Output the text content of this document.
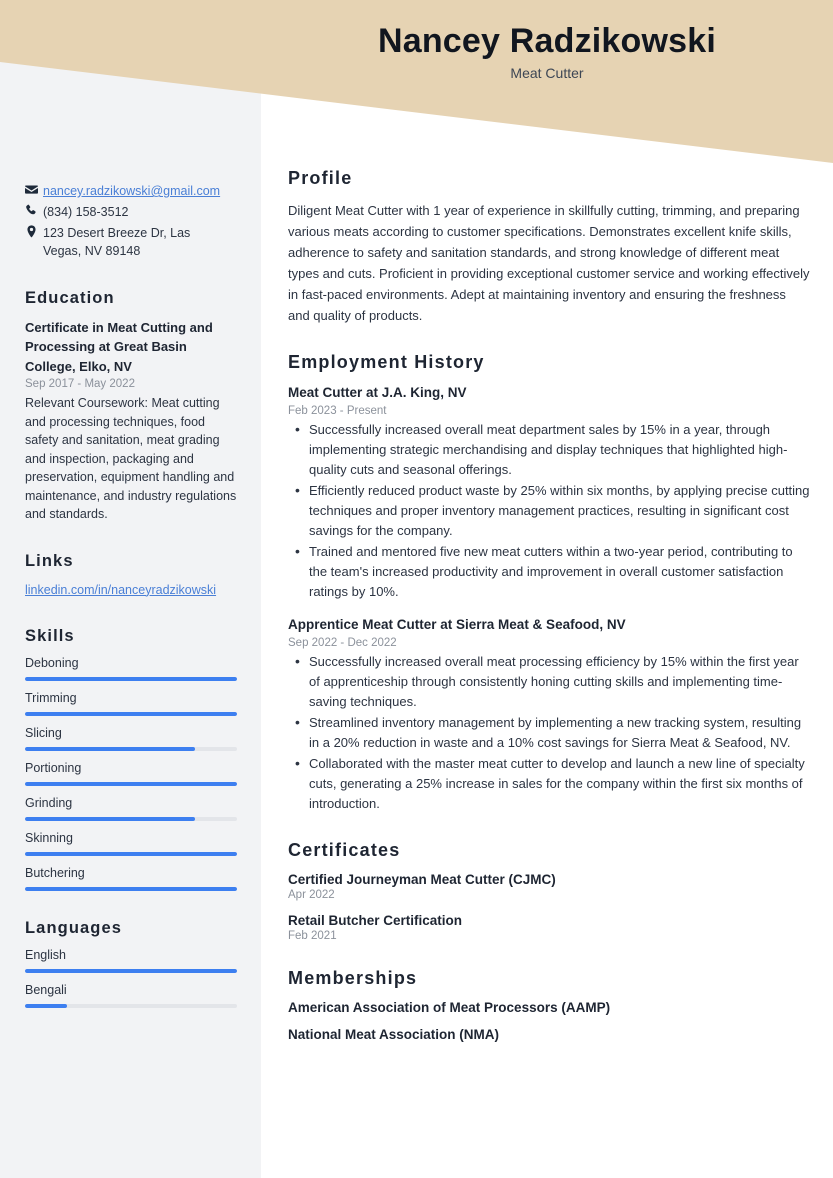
Nancey Radzikowski
Meat Cutter
nancey.radzikowski@gmail.com
(834) 158-3512
123 Desert Breeze Dr, Las
Vegas, NV 89148
Education
Certificate in Meat Cutting and Processing at Great Basin College, Elko, NV
Sep 2017 - May 2022
Relevant Coursework: Meat cutting and processing techniques, food safety and sanitation, meat grading and inspection, packaging and preservation, equipment handling and maintenance, and industry regulations and standards.
Links
linkedin.com/in/nanceyradzikowski
Skills
Deboning
Trimming
Slicing
Portioning
Grinding
Skinning
Butchering
Languages
English
Bengali
Profile
Diligent Meat Cutter with 1 year of experience in skillfully cutting, trimming, and preparing various meats according to customer specifications. Demonstrates excellent knife skills, adherence to safety and sanitation standards, and strong knowledge of different meat types and cuts. Proficient in providing exceptional customer service and working effectively in fast-paced environments. Adept at maintaining inventory and ensuring the freshness and quality of products.
Employment History
Meat Cutter at J.A. King, NV
Feb 2023 - Present
• Successfully increased overall meat department sales by 15% in a year, through implementing strategic merchandising and display techniques that highlighted high-quality cuts and seasonal offerings.
• Efficiently reduced product waste by 25% within six months, by applying precise cutting techniques and proper inventory management practices, resulting in significant cost savings for the company.
• Trained and mentored five new meat cutters within a two-year period, contributing to the team's increased productivity and improvement in overall customer satisfaction ratings by 10%.
Apprentice Meat Cutter at Sierra Meat & Seafood, NV
Sep 2022 - Dec 2022
• Successfully increased overall meat processing efficiency by 15% within the first year of apprenticeship through consistently honing cutting skills and implementing time-saving techniques.
• Streamlined inventory management by implementing a new tracking system, resulting in a 20% reduction in waste and a 10% cost savings for Sierra Meat & Seafood, NV.
• Collaborated with the master meat cutter to develop and launch a new line of specialty cuts, generating a 25% increase in sales for the company within the first six months of introduction.
Certificates
Certified Journeyman Meat Cutter (CJMC)
Apr 2022
Retail Butcher Certification
Feb 2021
Memberships
American Association of Meat Processors (AAMP)
National Meat Association (NMA)
